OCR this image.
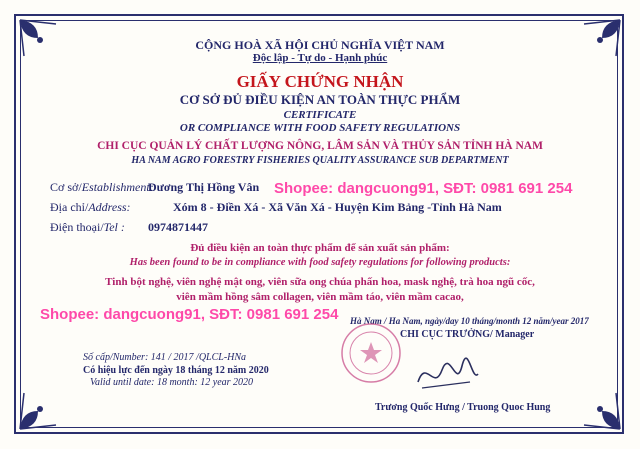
CỘNG HOÀ XÃ HỘI CHỦ NGHĨA VIỆT NAM
Độc lập - Tự do - Hạnh phúc
GIẤY CHỨNG NHẬN
CƠ SỞ ĐỦ ĐIỀU KIỆN AN TOÀN THỰC PHẨM
CERTIFICATE
OR COMPLIANCE WITH FOOD SAFETY REGULATIONS
CHI CỤC QUẢN LÝ CHẤT LƯỢNG NÔNG, LÂM SẢN VÀ THỦY SẢN TỈNH HÀ NAM
HA NAM AGRO FORESTRY FISHERIES QUALITY ASSURANCE SUB DEPARTMENT
Cơ sở/Establishment:
Dương Thị Hồng Vân
Địa chỉ/Address:	Xóm 8 - Điền Xá - Xã Văn Xá - Huyện Kim Bảng -Tỉnh Hà Nam
Điện thoại/Tel : 0974871447
Đủ điều kiện an toàn thực phẩm để sản xuất sản phẩm:
Has been found to be in compliance with food safety regulations for following products:
Tinh bột nghệ, viên nghệ mật ong, viên sữa ong chúa phấn hoa, mask nghệ, trà hoa ngũ cốc,
viên mầm hồng sâm collagen, viên mầm táo, viên mầm cacao,
Hà Nam / Ha Nam, ngày/day 10 tháng/month 12 năm/year 2017
CHI CỤC TRƯỞNG/ Manager
Trương Quốc Hưng / Truong Quoc Hung
Số cấp/Number: 141 / 2017 /QLCL-HNa
Có hiệu lực đến ngày 18 tháng 12 năm 2020
Valid until date: 18 month: 12 year 2020
Shopee: dangcuong91, SĐT: 0981 691 254
Shopee: dangcuong91, SĐT: 0981 691 254
